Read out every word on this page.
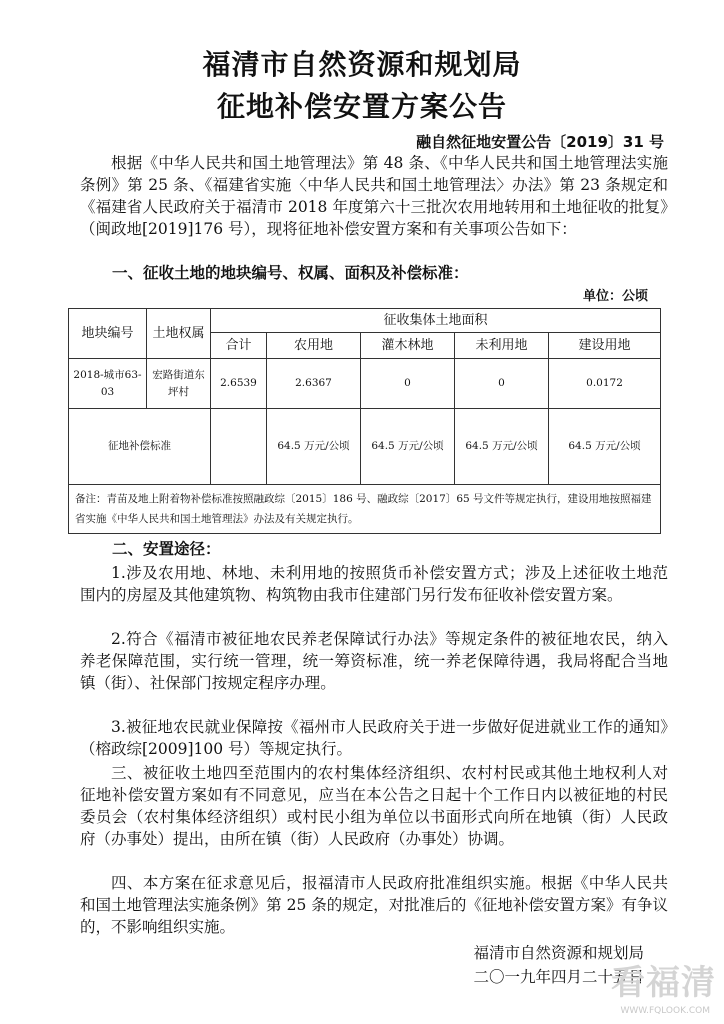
福清市自然资源和规划局
征地补偿安置方案公告
融自然征地安置公告〔2019〕31 号

根据《中华人民共和国土地管理法》第 48 条、《中华人民共和国土地管理法实施条例》第 25 条、《福建省实施〈中华人民共和国土地管理法〉办法》第 23 条规定和《福建省人民政府关于福清市 2018 年度第六十三批次农用地转用和土地征收的批复》（闽政地[2019]176 号），现将征地补偿安置方案和有关事项公告如下：

一、征收土地的地块编号、权属、面积及补偿标准：
单位：公顷
地块编号	土地权属	征收集体土地面积				
		合计	农用地	灌木林地	未利用地	建设用地
2018-城市63-03	宏路街道东坪村	2.6539	2.6367	0	0	0.0172
征地补偿标准			64.5 万元/公顷	64.5 万元/公顷	64.5 万元/公顷	64.5 万元/公顷
备注：青苗及地上附着物补偿标准按照融政综〔2015〕186 号、融政综〔2017〕65 号文件等规定执行，建设用地按照福建省实施《中华人民共和国土地管理法》办法及有关规定执行。						
二、安置途径：

1.涉及农用地、林地、未利用地的按照货币补偿安置方式；涉及上述征收土地范围内的房屋及其他建筑物、构筑物由我市住建部门另行发布征收补偿安置方案。

2.符合《福清市被征地农民养老保障试行办法》等规定条件的被征地农民，纳入养老保障范围，实行统一管理，统一筹资标准，统一养老保障待遇，我局将配合当地镇（街）、社保部门按规定程序办理。

3.被征地农民就业保障按《福州市人民政府关于进一步做好促进就业工作的通知》（榕政综[2009]100 号）等规定执行。

三、被征收土地四至范围内的农村集体经济组织、农村村民或其他土地权利人对征地补偿安置方案如有不同意见，应当在本公告之日起十个工作日内以被征地的村民委员会（农村集体经济组织）或村民小组为单位以书面形式向所在地镇（街）人民政府（办事处）提出，由所在镇（街）人民政府（办事处）协调。

四、本方案在征求意见后，报福清市人民政府批准组织实施。根据《中华人民共和国土地管理法实施条例》第 25 条的规定，对批准后的《征地补偿安置方案》有争议的，不影响组织实施。

福清市自然资源和规划局
二〇一九年四月二十五日
看福清
WWW.FQLOOK.COM
